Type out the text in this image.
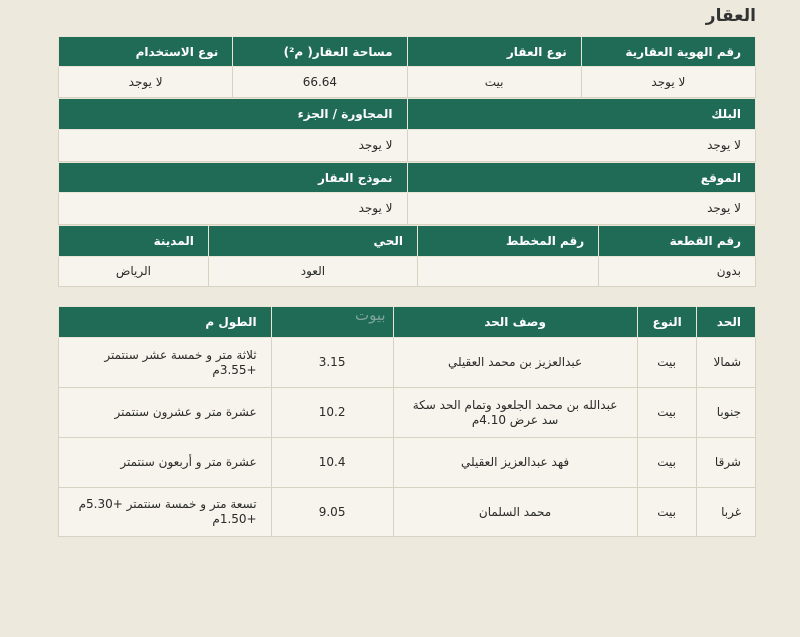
العقار
رقم الهوية العقارية	نوع العقار	مساحة العقار( م²)	نوع الاستخدام
لا يوجد	بيت	66.64	لا يوجد
البلك	المجاورة / الجزء
لا يوجد	لا يوجد
الموقع	نموذج العقار
لا يوجد	لا يوجد
رقم القطعة	رقم المخطط	الحي	المدينة
بدون		العود	الرياض
الحد	النوع	وصف الحد		الطول م
شمالا	بيت	عبدالعزيز بن محمد العقيلي	3.15	ثلاثة متر و خمسة عشر سنتمتر +3.55م
جنوبا	بيت	عبدالله بن محمد الجلعود وتمام الحد سكة سد عرض 4.10م	10.2	عشرة متر و عشرون سنتمتر
شرقا	بيت	فهد عبدالعزيز العقيلي	10.4	عشرة متر و أربعون سنتمتر
غربا	بيت	محمد السلمان	9.05	تسعة متر و خمسة سنتمتر +5.30م +1.50م
بيوت
